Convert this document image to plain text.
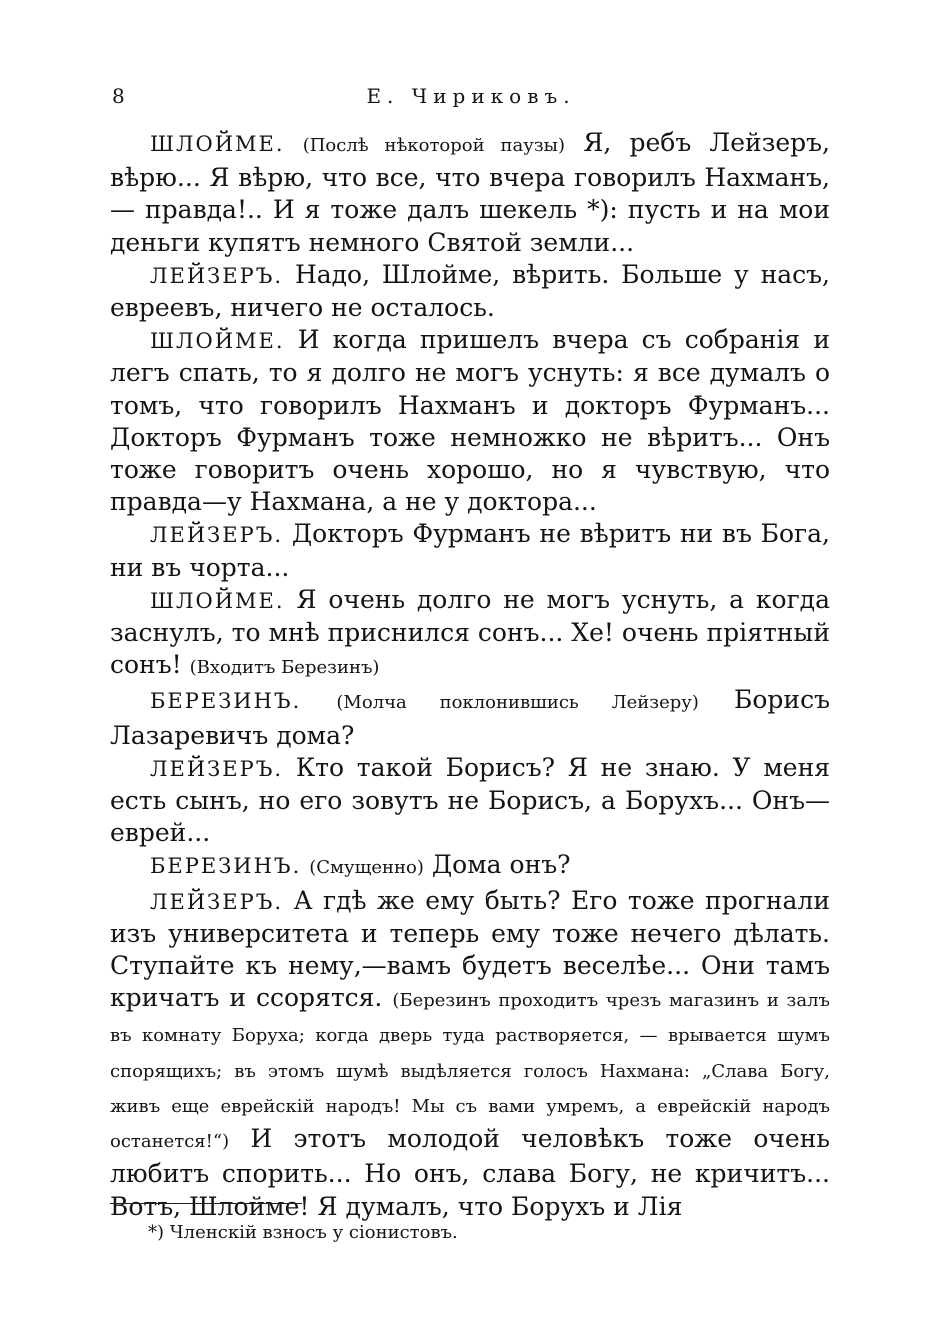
8	Е. Чириковъ.

ШЛОЙМЕ. (Послѣ нѣкоторой паузы) Я, ребъ Лейзеръ, вѣрю... Я вѣрю, что все, что вчера говорилъ Нахманъ,— правда!.. И я тоже далъ шекель *): пусть и на мои деньги купятъ немного Святой земли...

ЛЕЙЗЕРЪ. Надо, Шлойме, вѣрить. Больше у насъ, евреевъ, ничего не осталось.

ШЛОЙМЕ. И когда пришелъ вчера съ собранія и легъ спать, то я долго не могъ уснуть: я все думалъ о томъ, что говорилъ Нахманъ и докторъ Фурманъ... Докторъ Фурманъ тоже немножко не вѣритъ... Онъ тоже говоритъ очень хорошо, но я чувствую, что правда—у Нахмана, а не у доктора...

ЛЕЙЗЕРЪ. Докторъ Фурманъ не вѣритъ ни въ Бога, ни въ чорта...

ШЛОЙМЕ. Я очень долго не могъ уснуть, а когда заснулъ, то мнѣ приснился сонъ... Хе! очень пріятный сонъ! (Входитъ Березинъ)

БЕРЕЗИНЪ. (Молча поклонившись Лейзеру) Борисъ Лазаревичъ дома?

ЛЕЙЗЕРЪ. Кто такой Борисъ? Я не знаю. У меня есть сынъ, но его зовутъ не Борисъ, а Борухъ... Онъ— еврей...

БЕРЕЗИНЪ. (Смущенно) Дома онъ?

ЛЕЙЗЕРЪ. А гдѣ же ему быть? Его тоже прогнали изъ университета и теперь ему тоже нечего дѣлать. Ступайте къ нему,—вамъ будетъ веселѣе... Они тамъ кричатъ и ссорятся. (Березинъ проходитъ чрезъ магазинъ и залъ въ комнату Боруха; когда дверь туда растворяется, — врывается шумъ спорящихъ; въ этомъ шумѣ выдѣляется голосъ Нахмана: „Слава Богу, живъ еще еврейскій народъ! Мы съ вами умремъ, а еврейскій народъ останется!“) И этотъ молодой человѣкъ тоже очень любитъ спорить... Но онъ, слава Богу, не кричитъ... Вотъ, Шлойме! Я думалъ, что Борухъ и Лія

*) Членскій взносъ у сіонистовъ.
